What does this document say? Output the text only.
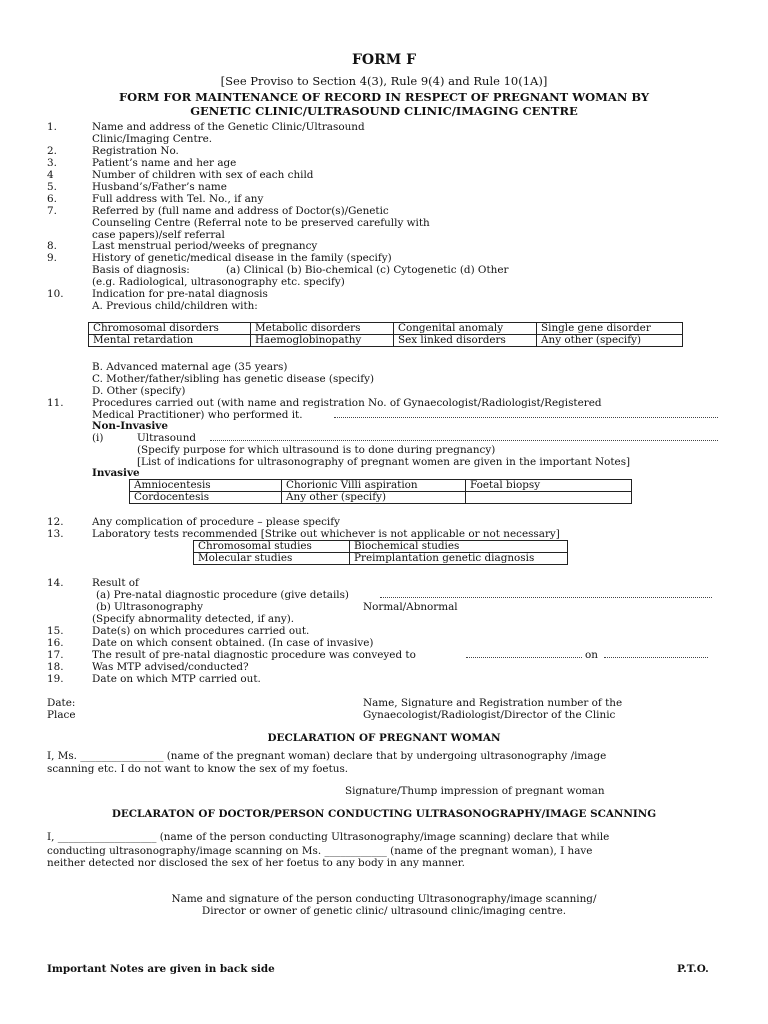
FORM F
[See Proviso to Section 4(3), Rule 9(4) and Rule 10(1A)]
FORM FOR MAINTENANCE OF RECORD IN RESPECT OF PREGNANT WOMAN BY
GENETIC CLINIC/ULTRASOUND CLINIC/IMAGING CENTRE
1.	Name and address of the Genetic Clinic/Ultrasound
Clinic/Imaging Centre.
2.	Registration No.
3.	Patient’s name and her age
4	Number of children with sex of each child
5.	Husband’s/Father’s name
6.	Full address with Tel. No., if any
7.	Referred by (full name and address of Doctor(s)/Genetic
Counseling Centre (Referral note to be preserved carefully with
case papers)/self referral
8.	Last menstrual period/weeks of pregnancy
9.	History of genetic/medical disease in the family (specify)
Basis of diagnosis:	(a) Clinical (b) Bio-chemical (c) Cytogenetic (d) Other
(e.g. Radiological, ultrasonography etc. specify)
10.	Indication for pre-natal diagnosis
A. Previous child/children with:
Chromosomal disorders	Metabolic disorders	Congenital anomaly	Single gene disorder
Mental retardation	Haemoglobinopathy	Sex linked disorders	Any other (specify)
B. Advanced maternal age (35 years)
C. Mother/father/sibling has genetic disease (specify)
D. Other (specify)
11.	Procedures carried out (with name and registration No. of Gynaecologist/Radiologist/Registered
Medical Practitioner) who performed it.
Non-Invasive
(i)	Ultrasound
(Specify purpose for which ultrasound is to done during pregnancy)
[List of indications for ultrasonography of pregnant women are given in the important Notes]
Invasive
Amniocentesis	Chorionic Villi aspiration	Foetal biopsy
Cordocentesis	Any other (specify)	
12.	Any complication of procedure – please specify
13.	Laboratory tests recommended [Strike out whichever is not applicable or not necessary]
Chromosomal studies	Biochemical studies
Molecular studies	Preimplantation genetic diagnosis
14.	Result of
(a) Pre-natal diagnostic procedure (give details)
(b) Ultrasonography	Normal/Abnormal
(Specify abnormality detected, if any).
15.	Date(s) on which procedures carried out.
16.	Date on which consent obtained. (In case of invasive)
17.	The result of pre-natal diagnostic procedure was conveyed to	on
18.	Was MTP advised/conducted?
19.	Date on which MTP carried out.
Date:
Place
Name, Signature and Registration number of the
Gynaecologist/Radiologist/Director of the Clinic
DECLARATION OF PREGNANT WOMAN
I, Ms. ________________ (name of the pregnant woman) declare that by undergoing ultrasonography /image
scanning etc. I do not want to know the sex of my foetus.
Signature/Thump impression of pregnant woman
DECLARATON OF DOCTOR/PERSON CONDUCTING ULTRASONOGRAPHY/IMAGE SCANNING
I, ___________________ (name of the person conducting Ultrasonography/image scanning) declare that while
conducting ultrasonography/image scanning on Ms. ____________ (name of the pregnant woman), I have
neither detected nor disclosed the sex of her foetus to any body in any manner.
Name and signature of the person conducting Ultrasonography/image scanning/
Director or owner of genetic clinic/ ultrasound clinic/imaging centre.
Important Notes are given in back side	P.T.O.
